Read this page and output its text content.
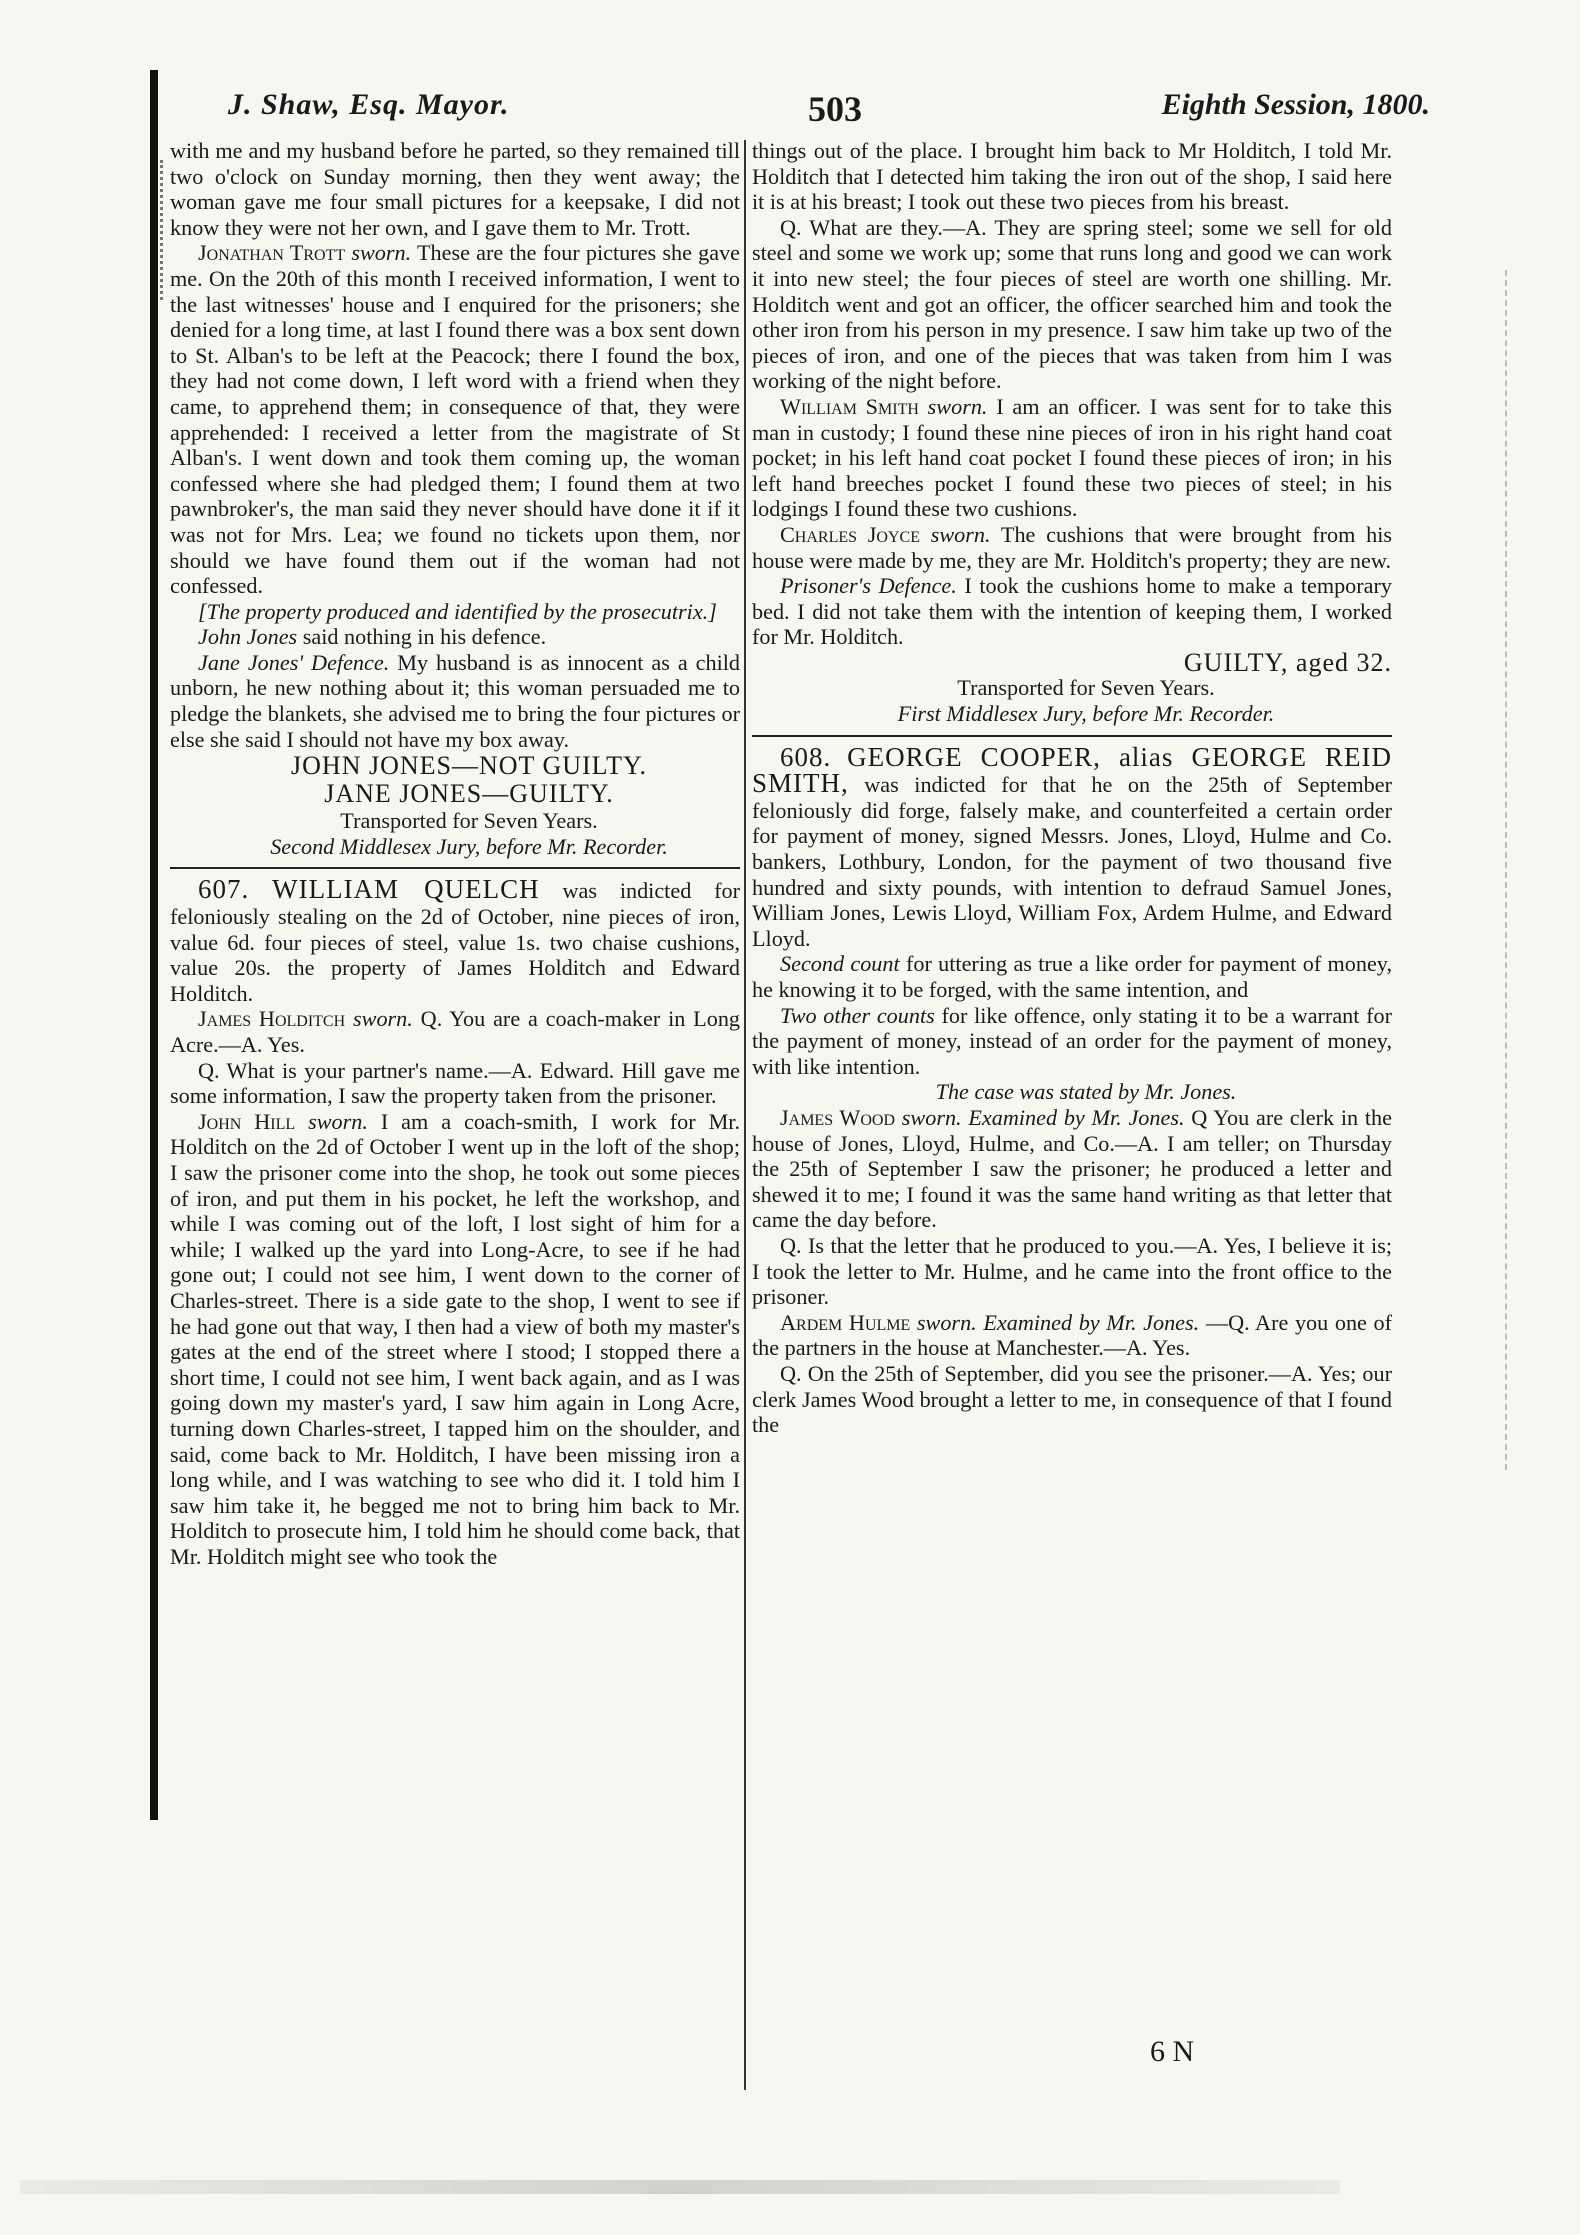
J. Shaw, Esq. Mayor.	503	Eighth Session, 1800.

with me and my husband before he parted, so they remained till two o'clock on Sunday morning, then they went away; the woman gave me four small pictures for a keepsake, I did not know they were not her own, and I gave them to Mr. Trott.

Jonathan Trott sworn. These are the four pictures she gave me. On the 20th of this month I received information, I went to the last witnesses' house and I enquired for the prisoners; she denied for a long time, at last I found there was a box sent down to St. Alban's to be left at the Peacock; there I found the box, they had not come down, I left word with a friend when they came, to apprehend them; in consequence of that, they were apprehended: I received a letter from the magistrate of St Alban's. I went down and took them coming up, the woman confessed where she had pledged them; I found them at two pawnbroker's, the man said they never should have done it if it was not for Mrs. Lea; we found no tickets upon them, nor should we have found them out if the woman had not confessed.

[The property produced and identified by the prosecutrix.]

John Jones said nothing in his defence.

Jane Jones' Defence. My husband is as innocent as a child unborn, he new nothing about it; this woman persuaded me to pledge the blankets, she advised me to bring the four pictures or else she said I should not have my box away.

JOHN JONES—NOT GUILTY.

JANE JONES—GUILTY.

Transported for Seven Years.

Second Middlesex Jury, before Mr. Recorder.

607. WILLIAM QUELCH was indicted for feloniously stealing on the 2d of October, nine pieces of iron, value 6d. four pieces of steel, value 1s. two chaise cushions, value 20s. the property of James Holditch and Edward Holditch.

James Holditch sworn. Q. You are a coach-maker in Long Acre.—A. Yes.

Q. What is your partner's name.—A. Edward. Hill gave me some information, I saw the property taken from the prisoner.

John Hill sworn. I am a coach-smith, I work for Mr. Holditch on the 2d of October I went up in the loft of the shop; I saw the prisoner come into the shop, he took out some pieces of iron, and put them in his pocket, he left the workshop, and while I was coming out of the loft, I lost sight of him for a while; I walked up the yard into Long-Acre, to see if he had gone out; I could not see him, I went down to the corner of Charles-street. There is a side gate to the shop, I went to see if he had gone out that way, I then had a view of both my master's gates at the end of the street where I stood; I stopped there a short time, I could not see him, I went back again, and as I was going down my master's yard, I saw him again in Long Acre, turning down Charles-street, I tapped him on the shoulder, and said, come back to Mr. Holditch, I have been missing iron a long while, and I was watching to see who did it. I told him I saw him take it, he begged me not to bring him back to Mr. Holditch to prosecute him, I told him he should come back, that Mr. Holditch might see who took the

things out of the place. I brought him back to Mr Holditch, I told Mr. Holditch that I detected him taking the iron out of the shop, I said here it is at his breast; I took out these two pieces from his breast.

Q. What are they.—A. They are spring steel; some we sell for old steel and some we work up; some that runs long and good we can work it into new steel; the four pieces of steel are worth one shilling. Mr. Holditch went and got an officer, the officer searched him and took the other iron from his person in my presence. I saw him take up two of the pieces of iron, and one of the pieces that was taken from him I was working of the night before.

William Smith sworn. I am an officer. I was sent for to take this man in custody; I found these nine pieces of iron in his right hand coat pocket; in his left hand coat pocket I found these pieces of iron; in his left hand breeches pocket I found these two pieces of steel; in his lodgings I found these two cushions.

Charles Joyce sworn. The cushions that were brought from his house were made by me, they are Mr. Holditch's property; they are new.

Prisoner's Defence. I took the cushions home to make a temporary bed. I did not take them with the intention of keeping them, I worked for Mr. Holditch.

GUILTY, aged 32.

Transported for Seven Years.

First Middlesex Jury, before Mr. Recorder.

608. GEORGE COOPER, alias GEORGE REID SMITH, was indicted for that he on the 25th of September feloniously did forge, falsely make, and counterfeited a certain order for payment of money, signed Messrs. Jones, Lloyd, Hulme and Co. bankers, Lothbury, London, for the payment of two thousand five hundred and sixty pounds, with intention to defraud Samuel Jones, William Jones, Lewis Lloyd, William Fox, Ardem Hulme, and Edward Lloyd.

Second count for uttering as true a like order for payment of money, he knowing it to be forged, with the same intention, and

Two other counts for like offence, only stating it to be a warrant for the payment of money, instead of an order for the payment of money, with like intention.

The case was stated by Mr. Jones.

James Wood sworn. Examined by Mr. Jones. Q You are clerk in the house of Jones, Lloyd, Hulme, and Co.—A. I am teller; on Thursday the 25th of September I saw the prisoner; he produced a letter and shewed it to me; I found it was the same hand writing as that letter that came the day before.

Q. Is that the letter that he produced to you.—A. Yes, I believe it is; I took the letter to Mr. Hulme, and he came into the front office to the prisoner.

Ardem Hulme sworn. Examined by Mr. Jones. —Q. Are you one of the partners in the house at Manchester.—A. Yes.

Q. On the 25th of September, did you see the prisoner.—A. Yes; our clerk James Wood brought a letter to me, in consequence of that I found the

6 N
